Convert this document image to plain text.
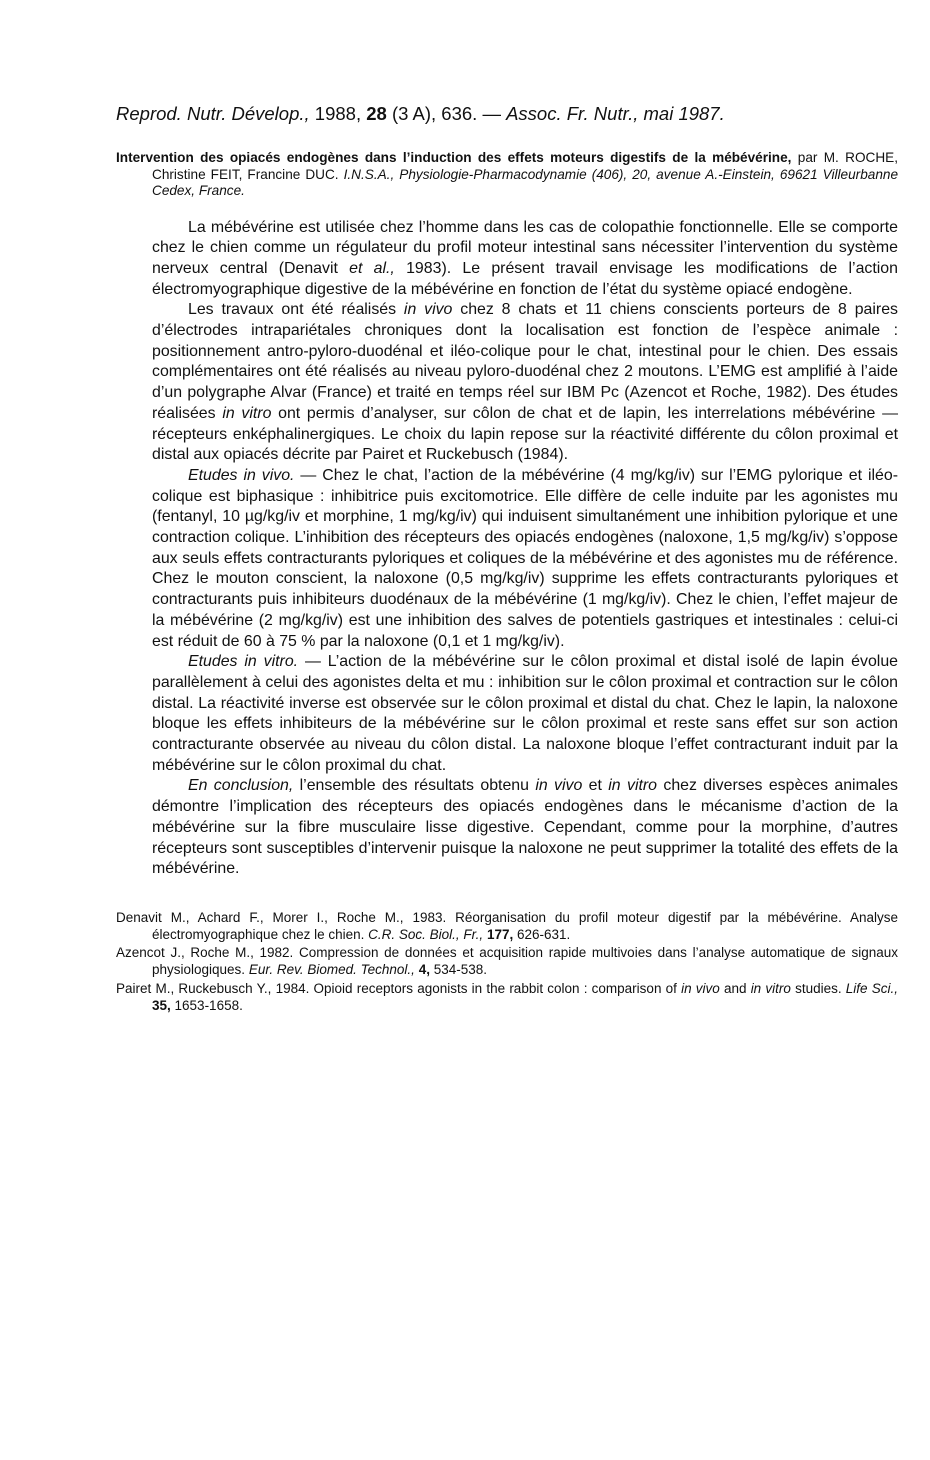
Reprod. Nutr. Dévelop., 1988, 28 (3 A), 636. — Assoc. Fr. Nutr., mai 1987.
Intervention des opiacés endogènes dans l’induction des effets moteurs digestifs de la mébévérine, par M. ROCHE, Christine FEIT, Francine DUC. I.N.S.A., Physiologie-Pharmacodynamie (406), 20, avenue A.-Einstein, 69621 Villeurbanne Cedex, France.

La mébévérine est utilisée chez l’homme dans les cas de colopathie fonctionnelle. Elle se comporte chez le chien comme un régulateur du profil moteur intestinal sans nécessiter l’intervention du système nerveux central (Denavit et al., 1983). Le présent travail envisage les modifications de l’action électromyographique digestive de la mébévérine en fonction de l’état du système opiacé endogène.

Les travaux ont été réalisés in vivo chez 8 chats et 11 chiens conscients porteurs de 8 paires d’électrodes intrapariétales chroniques dont la localisation est fonction de l’espèce animale : positionnement antro-pyloro-duodénal et iléo-colique pour le chat, intestinal pour le chien. Des essais complémentaires ont été réalisés au niveau pyloro-duodénal chez 2 moutons. L’EMG est amplifié à l’aide d’un polygraphe Alvar (France) et traité en temps réel sur IBM Pc (Azencot et Roche, 1982). Des études réalisées in vitro ont permis d’analyser, sur côlon de chat et de lapin, les interrelations mébévérine — récepteurs enképhalinergiques. Le choix du lapin repose sur la réactivité différente du côlon proximal et distal aux opiacés décrite par Pairet et Ruckebusch (1984).

Etudes in vivo. — Chez le chat, l’action de la mébévérine (4 mg/kg/iv) sur l’EMG pylorique et iléo-colique est biphasique : inhibitrice puis excitomotrice. Elle diffère de celle induite par les agonistes mu (fentanyl, 10 µg/kg/iv et morphine, 1 mg/kg/iv) qui induisent simultanément une inhibition pylorique et une contraction colique. L’inhibition des récepteurs des opiacés endogènes (naloxone, 1,5 mg/kg/iv) s’oppose aux seuls effets contracturants pyloriques et coliques de la mébévérine et des agonistes mu de référence. Chez le mouton conscient, la naloxone (0,5 mg/kg/iv) supprime les effets contracturants pyloriques et contracturants puis inhibiteurs duodénaux de la mébévérine (1 mg/kg/iv). Chez le chien, l’effet majeur de la mébévérine (2 mg/kg/iv) est une inhibition des salves de potentiels gastriques et intestinales : celui-ci est réduit de 60 à 75 % par la naloxone (0,1 et 1 mg/kg/iv).

Etudes in vitro. — L’action de la mébévérine sur le côlon proximal et distal isolé de lapin évolue parallèlement à celui des agonistes delta et mu : inhibition sur le côlon proximal et contraction sur le côlon distal. La réactivité inverse est observée sur le côlon proximal et distal du chat. Chez le lapin, la naloxone bloque les effets inhibiteurs de la mébévérine sur le côlon proximal et reste sans effet sur son action contracturante observée au niveau du côlon distal. La naloxone bloque l’effet contracturant induit par la mébévérine sur le côlon proximal du chat.

En conclusion, l’ensemble des résultats obtenu in vivo et in vitro chez diverses espèces animales démontre l’implication des récepteurs des opiacés endogènes dans le mécanisme d’action de la mébévérine sur la fibre musculaire lisse digestive. Cependant, comme pour la morphine, d’autres récepteurs sont susceptibles d’intervenir puisque la naloxone ne peut supprimer la totalité des effets de la mébévérine.

Denavit M., Achard F., Morer I., Roche M., 1983. Réorganisation du profil moteur digestif par la mébévérine. Analyse électromyographique chez le chien. C.R. Soc. Biol., Fr., 177, 626-631.
Azencot J., Roche M., 1982. Compression de données et acquisition rapide multivoies dans l’analyse automatique de signaux physiologiques. Eur. Rev. Biomed. Technol., 4, 534-538.
Pairet M., Ruckebusch Y., 1984. Opioid receptors agonists in the rabbit colon : comparison of in vivo and in vitro studies. Life Sci., 35, 1653-1658.
